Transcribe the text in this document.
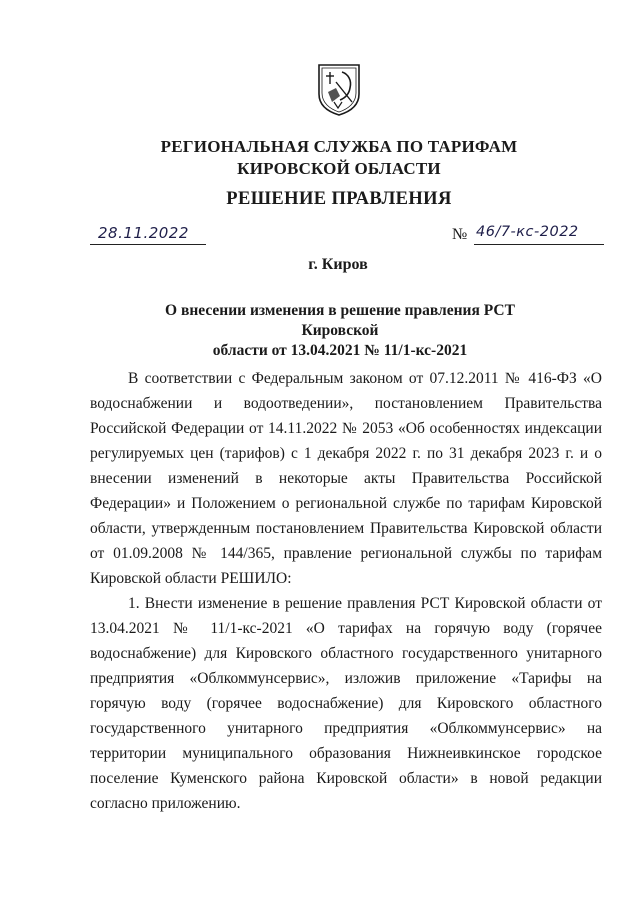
РЕГИОНАЛЬНАЯ СЛУЖБА ПО ТАРИФАМ
КИРОВСКОЙ ОБЛАСТИ
РЕШЕНИЕ ПРАВЛЕНИЯ
28.11.2022	№ 46/7-кс-2022
г. Киров
О внесении изменения в решение правления РСТ Кировской
области от 13.04.2021 № 11/1-кс-2021

В соответствии с Федеральным законом от 07.12.2011 № 416-ФЗ «О водоснабжении и водоотведении», постановлением Правительства Российской Федерации от 14.11.2022 № 2053 «Об особенностях индексации регулируемых цен (тарифов) с 1 декабря 2022 г. по 31 декабря 2023 г. и о внесении изменений в некоторые акты Правительства Российской Федерации» и Положением о региональной службе по тарифам Кировской области, утвержденным постановлением Правительства Кировской области от 01.09.2008 № 144/365, правление региональной службы по тарифам Кировской области РЕШИЛО:

1. Внести изменение в решение правления РСТ Кировской области от 13.04.2021 № 11/1-кс-2021 «О тарифах на горячую воду (горячее водоснабжение) для Кировского областного государственного унитарного предприятия «Облкоммунсервис», изложив приложение «Тарифы на горячую воду (горячее водоснабжение) для Кировского областного государственного унитарного предприятия «Облкоммунсервис» на территории муниципального образования Нижнеивкинское городское поселение Куменского района Кировской области» в новой редакции согласно приложению.
